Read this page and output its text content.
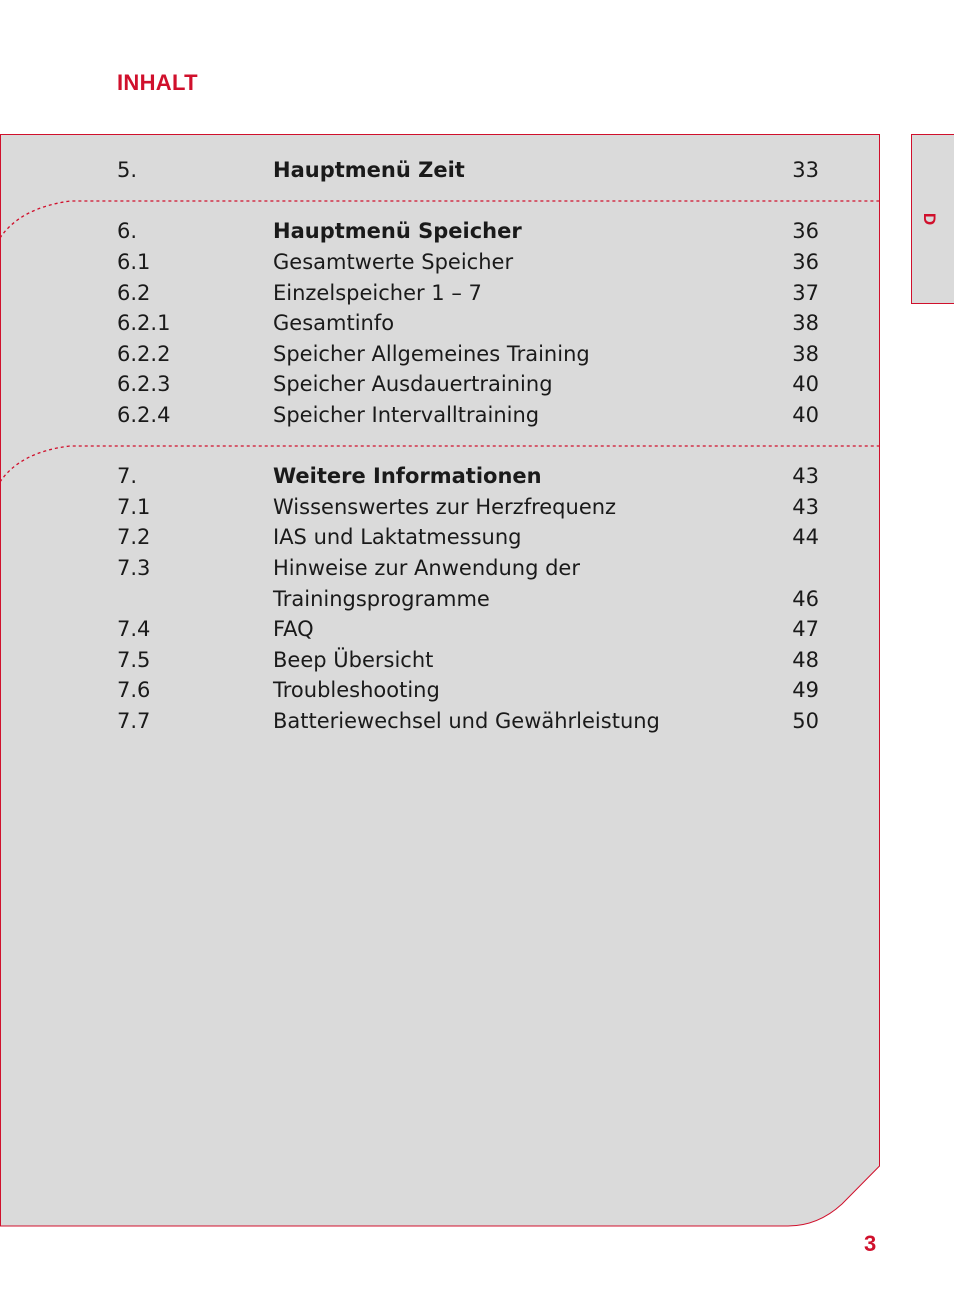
INHALT
D
5.	Hauptmenü Zeit	33
6.	Hauptmenü Speicher	36
6.1	Gesamtwerte Speicher	36
6.2	Einzelspeicher 1 – 7	37
6.2.1	Gesamtinfo	38
6.2.2	Speicher Allgemeines Training	38
6.2.3	Speicher Ausdauertraining	40
6.2.4	Speicher Intervalltraining	40
7.	Weitere Informationen	43
7.1	Wissenswertes zur Herzfrequenz	43
7.2	IAS und Laktatmessung	44
7.3	Hinweise zur Anwendung der
Trainingsprogramme	46
7.4	FAQ	47
7.5	Beep Übersicht	48
7.6	Troubleshooting	49
7.7	Batteriewechsel und Gewährleistung	50
3
